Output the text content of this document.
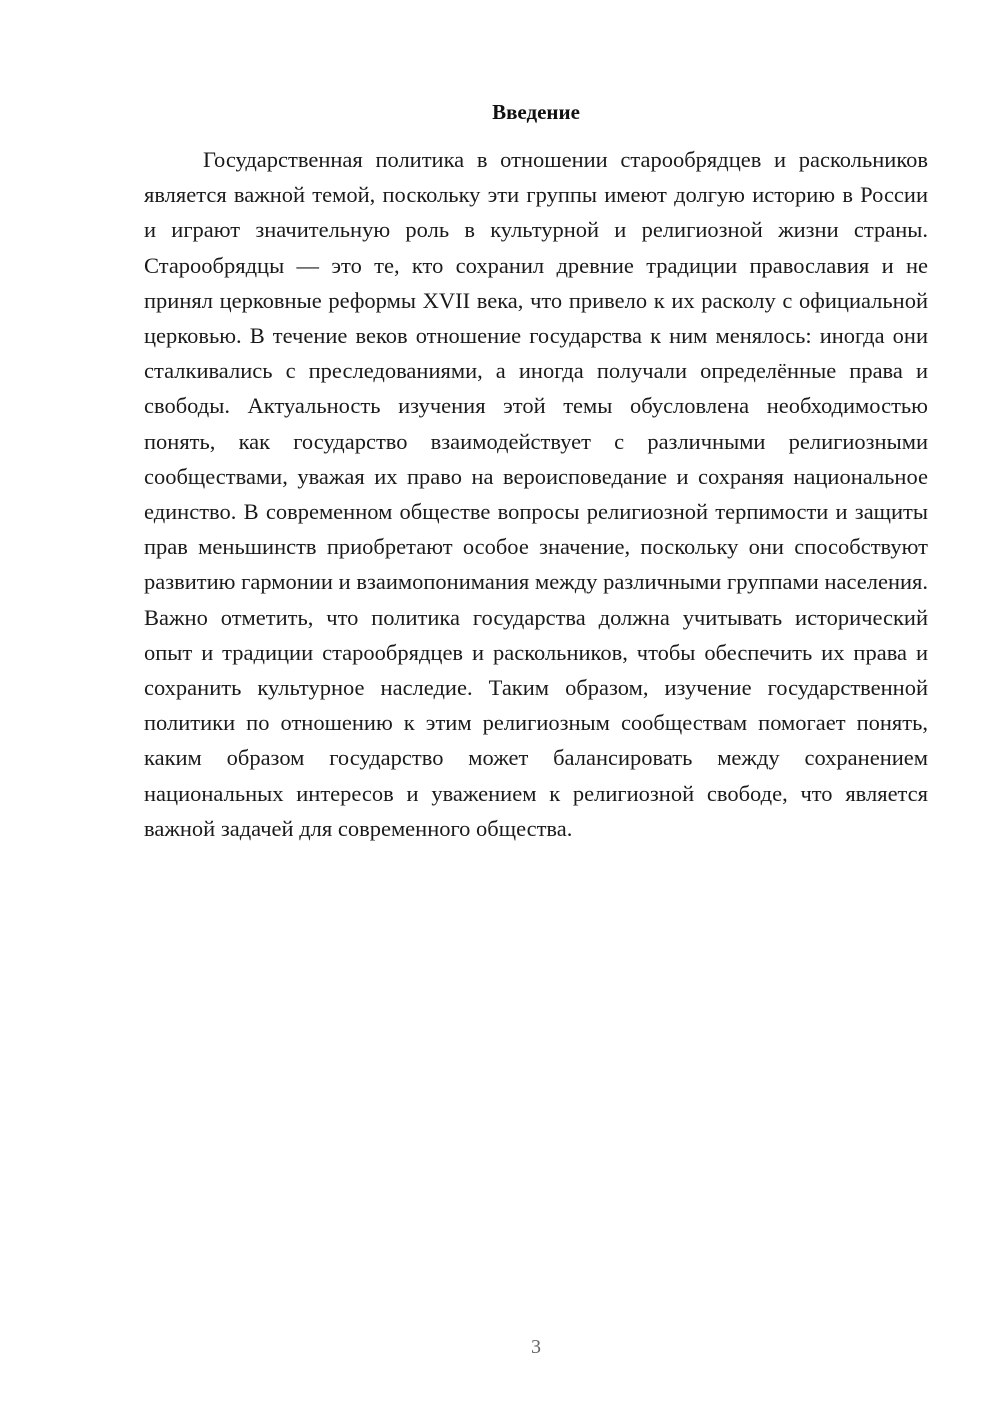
Введение

Государственная политика в отношении старообрядцев и раскольников является важной темой, поскольку эти группы имеют долгую историю в России и играют значительную роль в культурной и религиозной жизни страны. Старообрядцы — это те, кто сохранил древние традиции православия и не принял церковные реформы XVII века, что привело к их расколу с официальной церковью. В течение веков отношение государства к ним менялось: иногда они сталкивались с преследованиями, а иногда получали определённые права и свободы. Актуальность изучения этой темы обусловлена необходимостью понять, как государство взаимодействует с различными религиозными сообществами, уважая их право на вероисповедание и сохраняя национальное единство. В современном обществе вопросы религиозной терпимости и защиты прав меньшинств приобретают особое значение, поскольку они способствуют развитию гармонии и взаимопонимания между различными группами населения. Важно отметить, что политика государства должна учитывать исторический опыт и традиции старообрядцев и раскольников, чтобы обеспечить их права и сохранить культурное наследие. Таким образом, изучение государственной политики по отношению к этим религиозным сообществам помогает понять, каким образом государство может балансировать между сохранением национальных интересов и уважением к религиозной свободе, что является важной задачей для современного общества.

3
